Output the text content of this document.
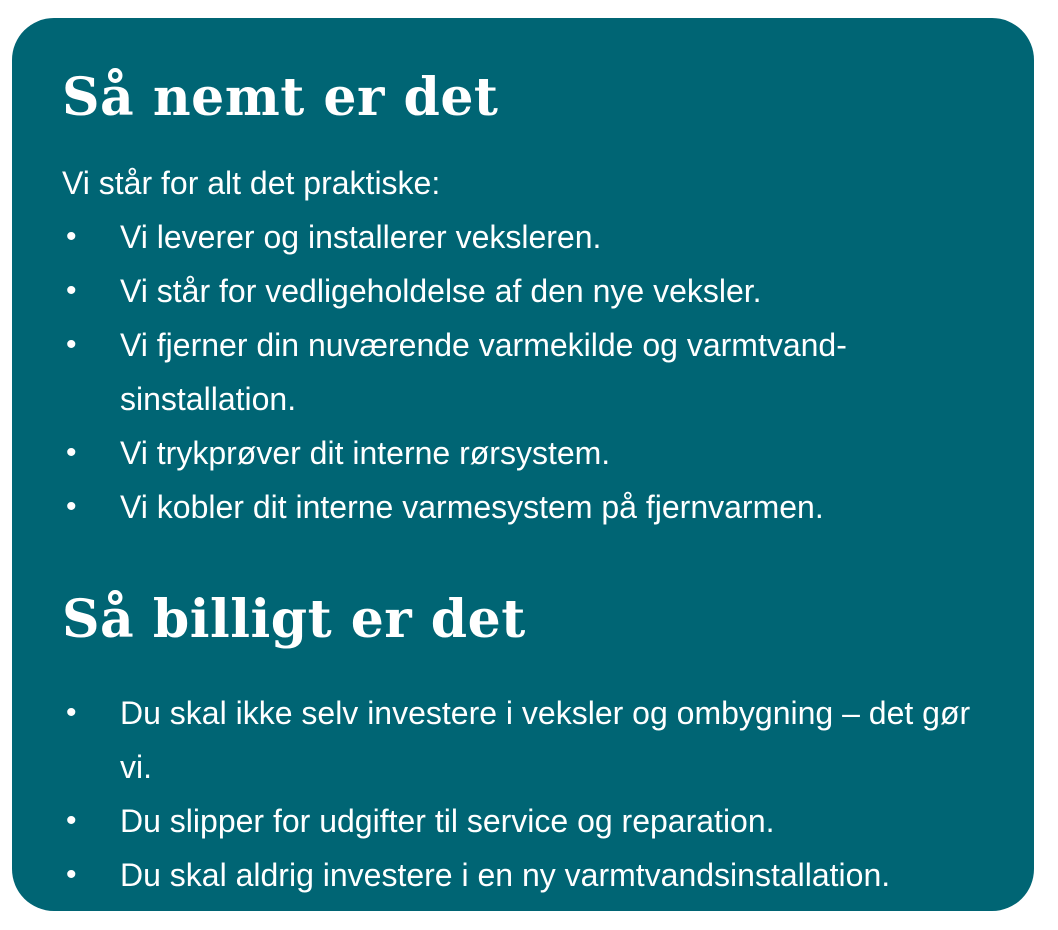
Så nemt er det

Vi står for alt det praktiske:

• Vi leverer og installerer veksleren.
• Vi står for vedligeholdelse af den nye veksler.
• Vi fjerner din nuværende varmekilde og varmtvandsinstallation.
• Vi trykprøver dit interne rørsystem.
• Vi kobler dit interne varmesystem på fjernvarmen.
Så billigt er det
• Du skal ikke selv investere i veksler og ombygning – det gør vi.
• Du slipper for udgifter til service og reparation.
• Du skal aldrig investere i en ny varmtvandsinstallation.
